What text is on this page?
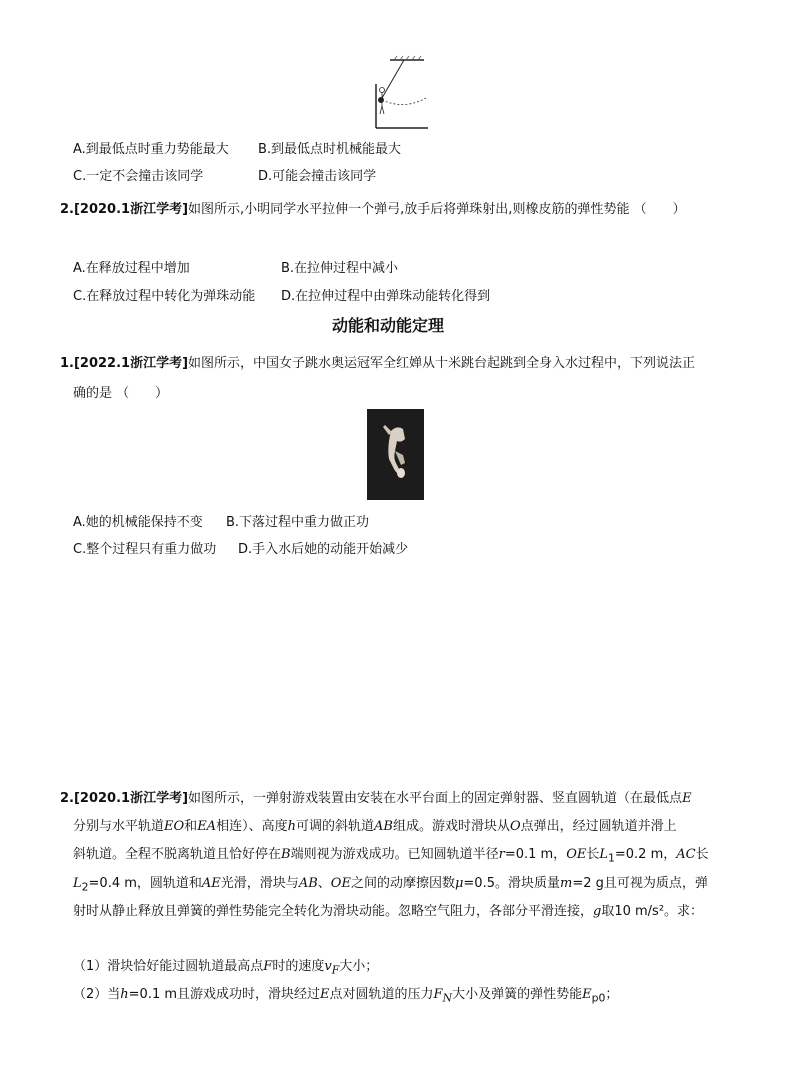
A.到最低点时重力势能最大 B.到最低点时机械能最大
C.一定不会撞击该同学	D.可能会撞击该同学
2.[2020.1浙江学考]如图所示,小明同学水平拉伸一个弹弓,放手后将弹珠射出,则橡皮筋的弹性势能 （　　）
A.在释放过程中增加	B.在拉伸过程中减小
C.在释放过程中转化为弹珠动能 D.在拉伸过程中由弹珠动能转化得到
动能和动能定理
1.[2022.1浙江学考]如图所示，中国女子跳水奥运冠军全红婵从十米跳台起跳到全身入水过程中，下列说法正
确的是 （　　）
A.她的机械能保持不变 B.下落过程中重力做正功
C.整个过程只有重力做功 D.手入水后她的动能开始减少
2.[2020.1浙江学考]如图所示，一弹射游戏装置由安装在水平台面上的固定弹射器、竖直圆轨道（在最低点E
分别与水平轨道EO和EA相连）、高度h可调的斜轨道AB组成。游戏时滑块从O点弹出，经过圆轨道并滑上
斜轨道。全程不脱离轨道且恰好停在B端则视为游戏成功。已知圆轨道半径r=0.1 m，OE长$L_1=0.2$ m，AC长
$L_2=0.4$ m，圆轨道和AE光滑，滑块与AB、OE之间的动摩擦因数μ=0.5。滑块质量m=2 g且可视为质点，弹
射时从静止释放且弹簧的弹性势能完全转化为滑块动能。忽略空气阻力，各部分平滑连接，g取10 m/s²。求：
（1）滑块恰好能过圆轨道最高点F时的速度$v_F$大小；
（2）当h=0.1 m且游戏成功时，滑块经过E点对圆轨道的压力$F_N$大小及弹簧的弹性势能$E_{p0}$；
